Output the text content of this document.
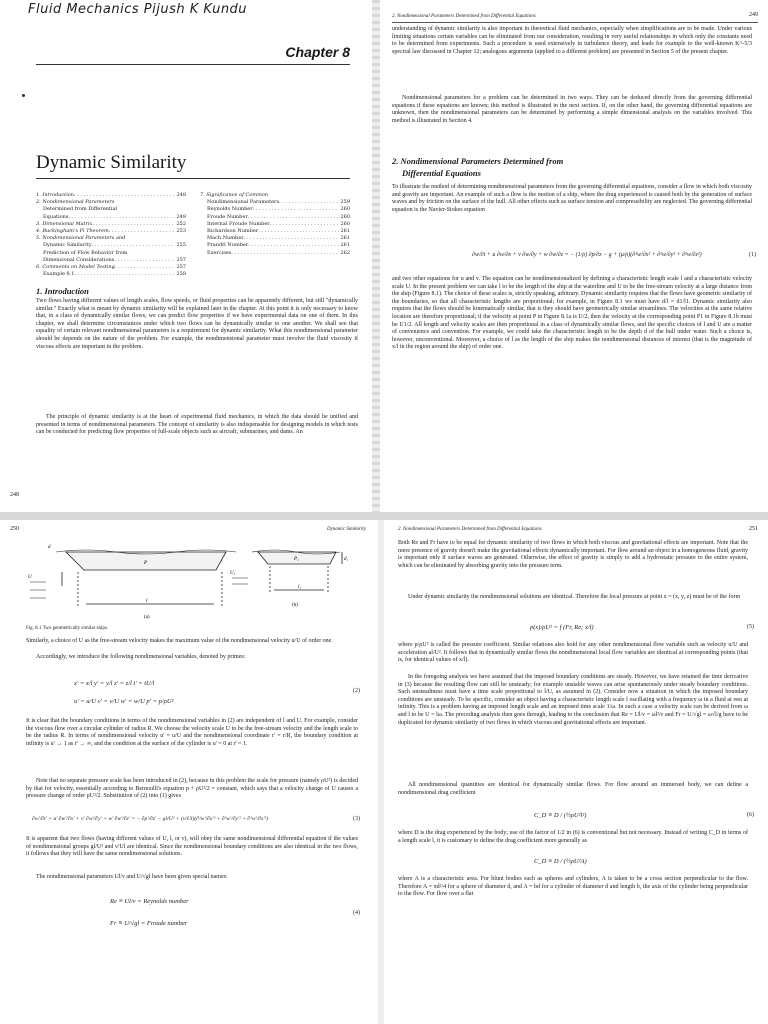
Fluid Mechanics Pijush K Kundu
Chapter 8
Dynamic Similarity
1. Introduction . . .	248
2. Nondimensional Parameters
Determined from Differential
Equations . . .	249
3. Dimensional Matrix . . .	252
4. Buckingham's Pi Theorem . . .	253
5. Nondimensional Parameters and
Dynamic Similarity . . .	255
Prediction of Flow Behavior from
Dimensional Considerations . . .	257
6. Comments on Model Testing . . .	257
Example 8.1 . . .	258
7. Significance of Common
Nondimensional Parameters . . .	259
Reynolds Number . . .	260
Froude Number . . .	260
Internal Froude Number . . .	260
Richardson Number . . .	261
Mach Number . . .	261
Prandtl Number . . .	261
Exercises . . .	262
1. Introduction
Two flows having different values of length scales, flow speeds, or fluid properties can be apparently different, but still "dynamically similar." Exactly what is meant by dynamic similarity will be explained later in the chapter. At this point it is only necessary to know that, in a class of dynamically similar flows, we can predict flow properties if we have experimental data on one of them. In this chapter, we shall determine circumstances under which two flows can be dynamically similar to one another. We shall see that equality of certain relevant nondimensional parameters is a requirement for dynamic similarity. What this nondimensional parameter should be depends on the nature of the problem. For example, the nondimensional parameter must involve the fluid viscosity if viscous effects are important in the problem.
The principle of dynamic similarity is at the heart of experimental fluid mechanics, in which the data should be unified and presented in terms of nondimensional parameters. The concept of similarity is also indispensable for designing models in which tests can be conducted for predicting flow properties of full-scale objects such as aircraft, submarines, and dams. An
248
2. Nondimensional Parameters Determined from Differential Equations	249
understanding of dynamic similarity is also important in theoretical fluid mechanics, especially when simplifications are to be made. Under various limiting situations certain variables can be eliminated from our consideration, resulting in very useful relationships in which only the constants need to be determined from experiments. Such a procedure is used extensively in turbulence theory, and leads for example to the well-known K^-5/3 spectral law discussed in Chapter 12; analogous arguments (applied to a different problem) are presented in Section 5 of the present chapter.
Nondimensional parameters for a problem can be determined in two ways. They can be deduced directly from the governing differential equations if these equations are known; this method is illustrated in the next section. If, on the other hand, the governing differential equations are unknown, then the nondimensional parameters can be determined by performing a simple dimensional analysis on the variables involved. This method is illustrated in Section 4.
2. Nondimensional Parameters Determined from
Differential Equations
To illustrate the method of determining nondimensional parameters from the governing differential equations, consider a flow in which both viscosity and gravity are important. An example of such a flow is the motion of a ship, where the drag experienced is caused both by the generation of surface waves and by friction on the surface of the hull. All other effects such as surface tension and compressibility are neglected. The governing differential equation is the Navier-Stokes equation
∂w/∂t + u ∂w/∂x + v ∂w/∂y + w ∂w/∂z = − (1/ρ) ∂p/∂z − g + (μ/ρ)(∂²w/∂x² + ∂²w/∂y² + ∂²w/∂z²)	(1)
and two other equations for u and v. The equation can be nondimensionalized by defining a characteristic length scale l and a characteristic velocity scale U. In the present problem we can take l to be the length of the ship at the waterline and U to be the free-stream velocity at a large distance from the ship (Figure 8.1). The choice of these scales is, strictly speaking, arbitrary. Dynamic similarity requires that the flows have geometric similarity of the boundaries, so that all characteristic lengths are proportional; for example, in Figure 8.1 we must have d/l = d1/l1. Dynamic similarity also requires that the flows should be kinematically similar, that is they should have geometrically similar streamlines. The velocities at the same relative location are therefore proportional; if the velocity at point P in Figure 8.1a is U/2, then the velocity at the corresponding point P1 in Figure 8.1b must be U1/2. All length and velocity scales are then proportional in a class of dynamically similar flows, and the specific choices of l and U are a matter of convenience and convention. For example, we could take the characteristic length to be the depth d of the hull under water. Such a choice is, however, unconventional. Moreover, a choice of l as the length of the ship makes the nondimensional distances of interest (that is the magnitude of x/l in the region around the ship) of order one.
250	Dynamic Similarity
d
P
l
U
P₁	d₁
l₁
U₁
(a)
(b)
Fig. 8.1 Two geometrically similar ships.
Similarly, a choice of U as the free-stream velocity makes the maximum value of the nondimensional velocity u/U of order one.
Accordingly, we introduce the following nondimensional variables, denoted by primes:
x' = x/l y' = y/l z' = z/l t' = tU/l
u' = u/U v' = v/U w' = w/U p' = p/ρU²
(2)
It is clear that the boundary conditions in terms of the nondimensional variables in (2) are independent of l and U. For example, consider the viscous flow over a circular cylinder of radius R. We choose the velocity scale U to be the free-stream velocity and the length scale to be the radius R. In terms of nondimensional velocity u' = u/U and the nondimensional coordinate r' = r/R, the boundary condition at infinity is u' → 1 as r' → ∞, and the condition at the surface of the cylinder is u' = 0 at r' = 1.
Note that no separate pressure scale has been introduced in (2), because in this problem the scale for pressure (namely ρU²) is decided by that for velocity, essentially according to Bernoulli's equation p + ρU²/2 = constant, which says that a velocity change of U causes a pressure change of order ρU²/2. Substitution of (2) into (1) gives
∂w'/∂t' + u' ∂w'/∂x' + v' ∂w'/∂y' + w' ∂w'/∂z' = − ∂p'/∂z' − gl/U² + (ν/Ul)(∂²w'/∂x'² + ∂²w'/∂y'² + ∂²w'/∂z'²)	(3)
It is apparent that two flows (having different values of U, l, or ν), will obey the same nondimensional differential equation if the values of nondimensional groups gl/U² and ν/Ul are identical. Since the nondimensional boundary conditions are also identical in the two flows, it follows that they will have the same nondimensional solutions.
The nondimensional parameters Ul/ν and U/√gl have been given special names:
Re ≡ Ul/ν = Reynolds number
Fr ≡ U/√gl = Froude number
(4)
2. Nondimensional Parameters Determined from Differential Equations	251
Both Re and Fr have to be equal for dynamic similarity of two flows in which both viscous and gravitational effects are important. Note that the mere presence of gravity doesn't make the gravitational effects dynamically important. For flow around an object in a homogeneous fluid, gravity is important only if surface waves are generated. Otherwise, the effect of gravity is simply to add a hydrostatic pressure to the entire system, which can be eliminated by absorbing gravity into the pressure term.
Under dynamic similarity the nondimensional solutions are identical. Therefore the local pressure at point x = (x, y, z) must be of the form
p(x)/ρU² = f (Fr, Re; x/l)	(5)
where p/ρU² is called the pressure coefficient. Similar relations also hold for any other nondimensional flow variable such as velocity u/U and acceleration al/U². It follows that in dynamically similar flows the nondimensional local flow variables are identical at corresponding points (that is, for identical values of x/l).
In the foregoing analysis we have assumed that the imposed boundary conditions are steady. However, we have retained the time derivative in (3) because the resulting flow can still be unsteady; for example unstable waves can arise spontaneously under steady boundary conditions. Such unsteadiness must have a time scale proportional to l/U, as assumed in (2). Consider now a situation in which the imposed boundary conditions are unsteady. To be specific, consider an object having a characteristic length scale l oscillating with a frequency ω in a fluid at rest at infinity. This is a problem having an imposed length scale and an imposed time scale 1/ω. In such a case a velocity scale can be derived from ω and l to be U = lω. The preceding analysis then goes through, leading to the conclusion that Re = Ul/ν = ωl²/ν and Fr = U/√gl = ω√l/g have to be duplicated for dynamic similarity of two flows in which viscous and gravitational effects are important.
All nondimensional quantities are identical for dynamically similar flows. For flow around an immersed body, we can define a nondimensional drag coefficient
C_D ≡ D / (½ρU²l²)	(6)
where D is the drag experienced by the body; use of the factor of 1/2 in (6) is conventional but not necessary. Instead of writing C_D in terms of a length scale l, it is customary to define the drag coefficient more generally as
C_D ≡ D / (½ρU²A)
where A is a characteristic area. For blunt bodies such as spheres and cylinders, A is taken to be a cross section perpendicular to the flow. Therefore A = πd²/4 for a sphere of diameter d, and A = bd for a cylinder of diameter d and length b, the axis of the cylinder being perpendicular to the flow. For flow over a flat
